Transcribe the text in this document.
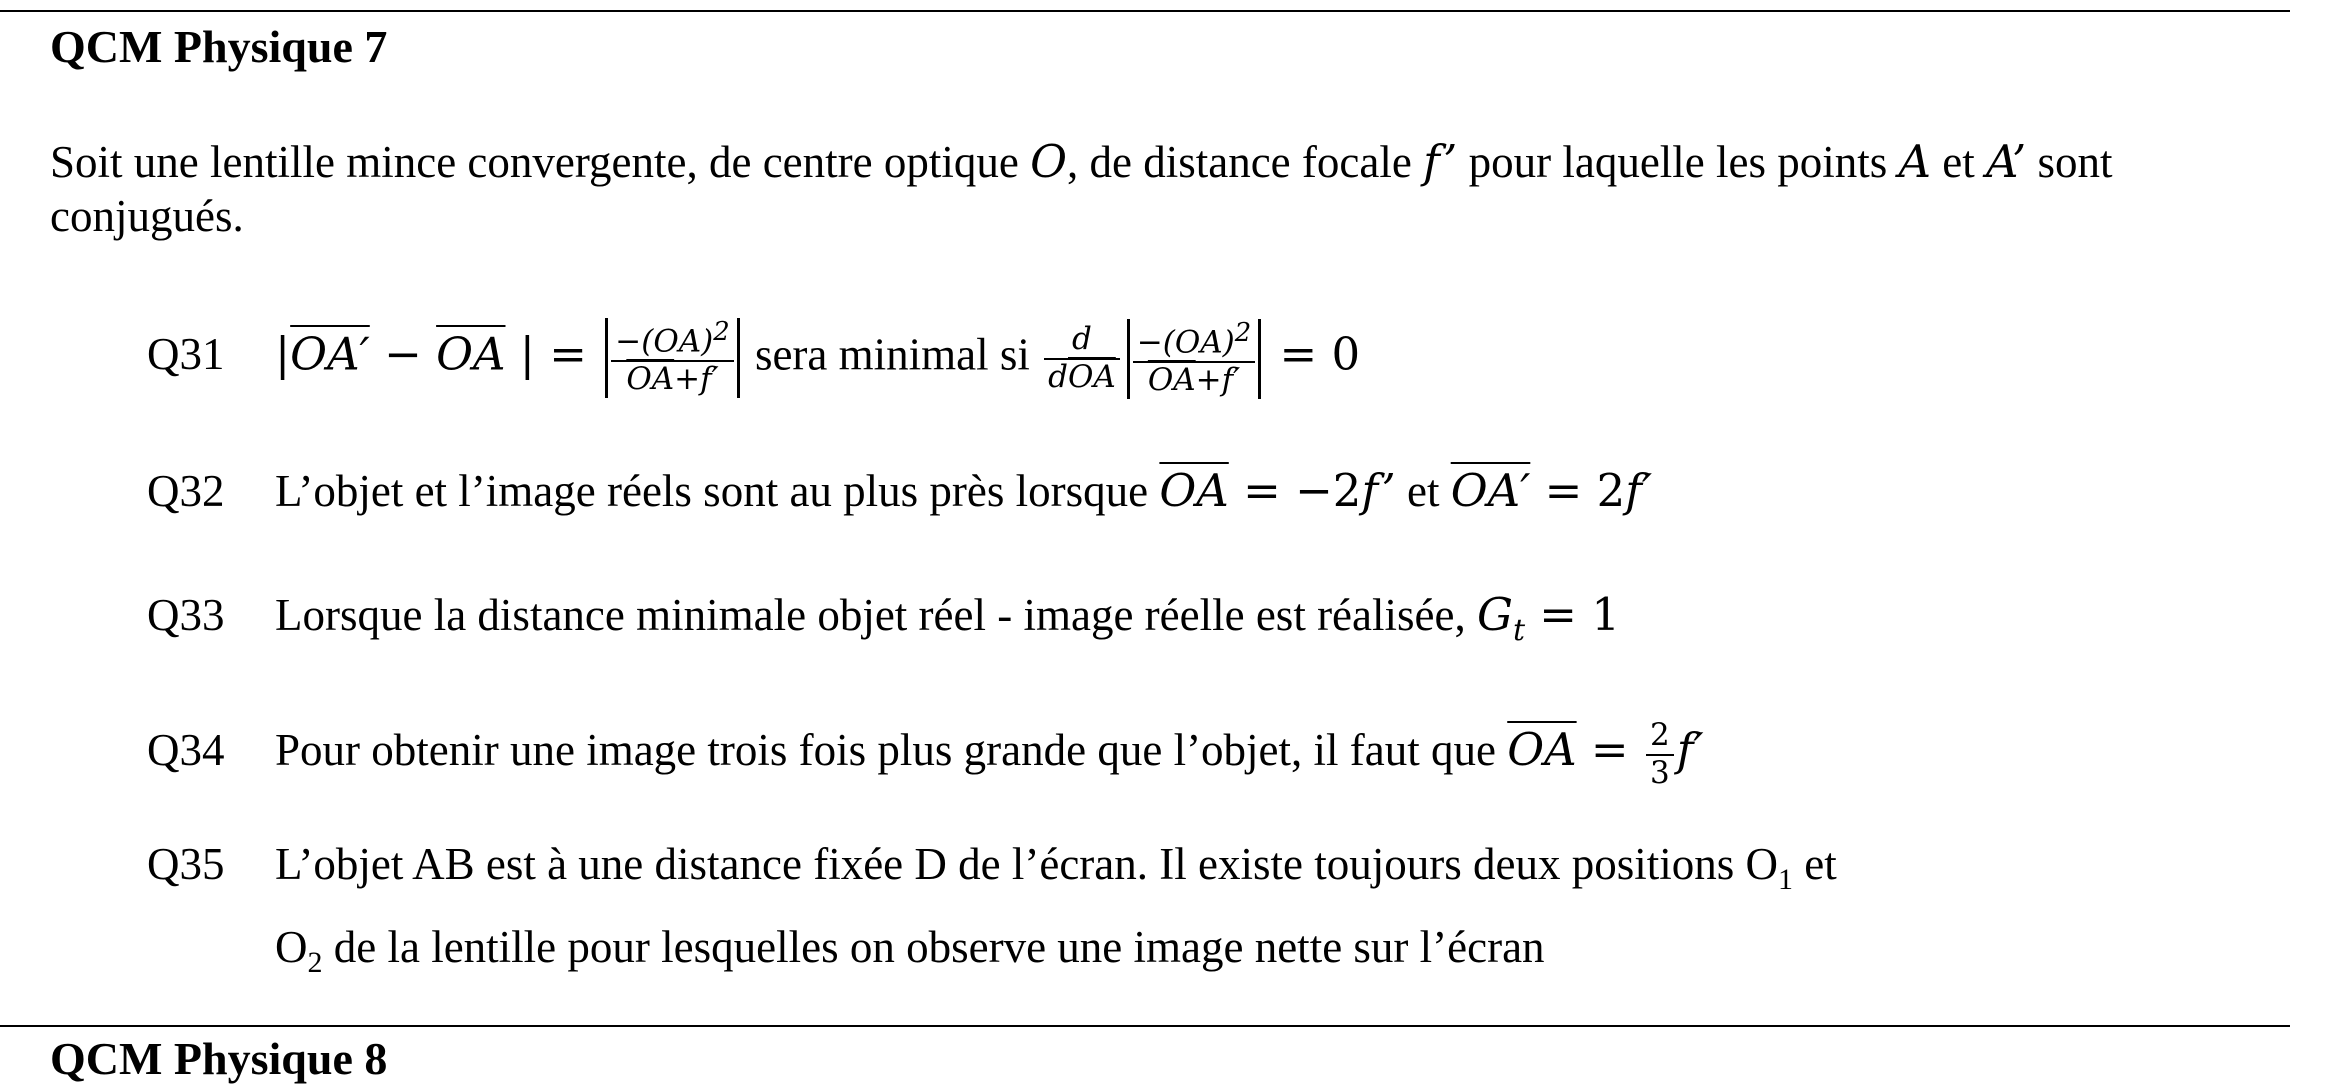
QCM Physique 7
Soit une lentille mince convergente, de centre optique O, de distance focale f’ pour laquelle les points A et A’ sont conjugués.
Q31 $|OA' - \overline{OA}$ | = $\frac{-(OA)^2}{\overline{OA}+f'}$ sera minimal si $\frac{d}{d\overline{OA}} \frac{-(OA)^2}{\overline{OA}+f'} = 0$
Q32 L’objet et l’image réels sont au plus près lorsque $\overline{OA} = -2f$’ et OA′ = 2f′
Q33 Lorsque la distance minimale objet réel - image réelle est réalisée, $G_t = 1$
Q34 Pour obtenir une image trois fois plus grande que l’objet, il faut que $\overline{OA} = \frac{2}{3} f'$
Q35 L’objet AB est à une distance fixée D de l’écran. Il existe toujours deux positions $O_1$ et
$O_2$ de la lentille pour lesquelles on observe une image nette sur l’écran
QCM Physique 8
